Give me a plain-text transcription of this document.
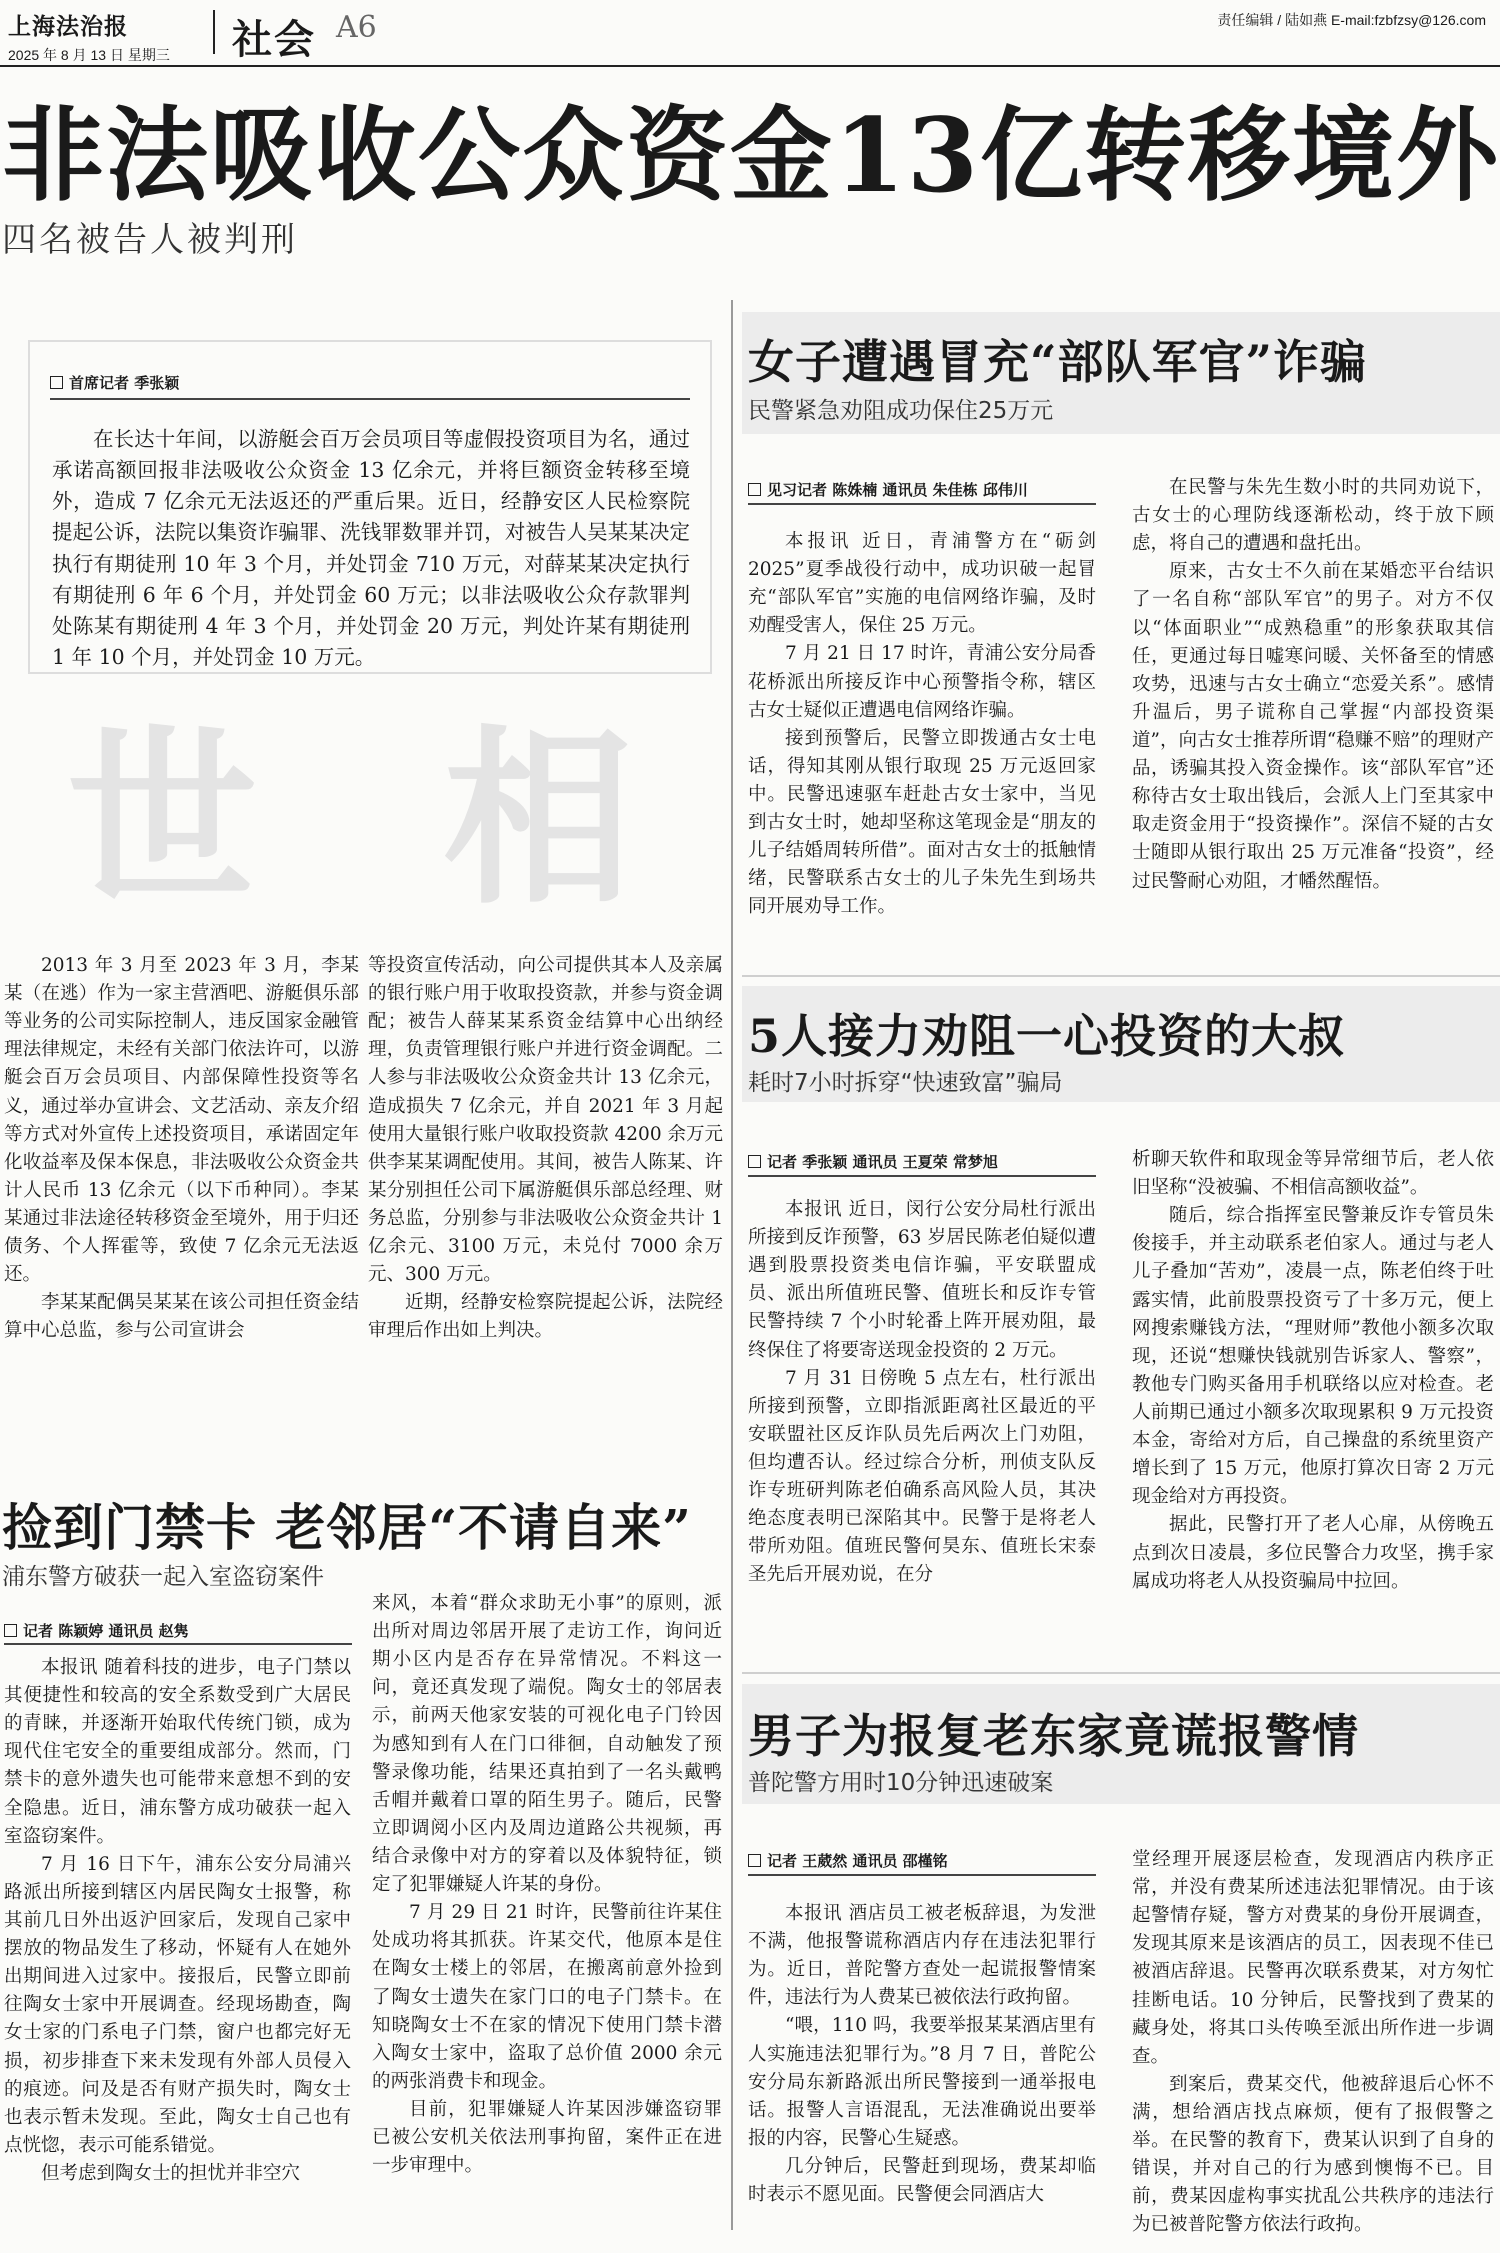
上海法治报
2025 年 8 月 13 日 星期三	社会 A6	责任编辑 / 陆如燕 E-mail:fzbfzsy@126.com
非法吸收公众资金13亿转移境外
四名被告人被判刑
首席记者 季张颖
在长达十年间，以游艇会百万会员项目等虚假投资项目为名，通过承诺高额回报非法吸收公众资金 13 亿余元，并将巨额资金转移至境外，造成 7 亿余元无法返还的严重后果。近日，经静安区人民检察院提起公诉，法院以集资诈骗罪、洗钱罪数罪并罚，对被告人吴某某决定执行有期徒刑 10 年 3 个月，并处罚金 710 万元，对薛某某决定执行有期徒刑 6 年 6 个月，并处罚金 60 万元；以非法吸收公众存款罪判处陈某有期徒刑 4 年 3 个月，并处罚金 20 万元，判处许某有期徒刑 1 年 10 个月，并处罚金 10 万元。
世 相

2013 年 3 月至 2023 年 3 月，李某某（在逃）作为一家主营酒吧、游艇俱乐部等业务的公司实际控制人，违反国家金融管理法律规定，未经有关部门依法许可，以游艇会百万会员项目、内部保障性投资等名义，通过举办宣讲会、文艺活动、亲友介绍等方式对外宣传上述投资项目，承诺固定年化收益率及保本保息，非法吸收公众资金共计人民币 13 亿余元（以下币种同）。李某某通过非法途径转移资金至境外，用于归还债务、个人挥霍等，致使 7 亿余元无法返还。

李某某配偶吴某某在该公司担任资金结算中心总监，参与公司宣讲会

等投资宣传活动，向公司提供其本人及亲属的银行账户用于收取投资款，并参与资金调配；被告人薛某某系资金结算中心出纳经理，负责管理银行账户并进行资金调配。二人参与非法吸收公众资金共计 13 亿余元，造成损失 7 亿余元，并自 2021 年 3 月起使用大量银行账户收取投资款 4200 余万元供李某某调配使用。其间，被告人陈某、许某分别担任公司下属游艇俱乐部总经理、财务总监，分别参与非法吸收公众资金共计 1 亿余元、3100 万元，未兑付 7000 余万元、300 万元。

近期，经静安检察院提起公诉，法院经审理后作出如上判决。

捡到门禁卡 老邻居“不请自来”
浦东警方破获一起入室盗窃案件
记者 陈颖婷 通讯员 赵隽

本报讯 随着科技的进步，电子门禁以其便捷性和较高的安全系数受到广大居民的青睐，并逐渐开始取代传统门锁，成为现代住宅安全的重要组成部分。然而，门禁卡的意外遗失也可能带来意想不到的安全隐患。近日，浦东警方成功破获一起入室盗窃案件。

7 月 16 日下午，浦东公安分局浦兴路派出所接到辖区内居民陶女士报警，称其前几日外出返沪回家后，发现自己家中摆放的物品发生了移动，怀疑有人在她外出期间进入过家中。接报后，民警立即前往陶女士家中开展调查。经现场勘查，陶女士家的门系电子门禁，窗户也都完好无损，初步排查下来未发现有外部人员侵入的痕迹。问及是否有财产损失时，陶女士也表示暂未发现。至此，陶女士自己也有点恍惚，表示可能系错觉。

但考虑到陶女士的担忧并非空穴

来风，本着“群众求助无小事”的原则，派出所对周边邻居开展了走访工作，询问近期小区内是否存在异常情况。不料这一问，竟还真发现了端倪。陶女士的邻居表示，前两天他家安装的可视化电子门铃因为感知到有人在门口徘徊，自动触发了预警录像功能，结果还真拍到了一名头戴鸭舌帽并戴着口罩的陌生男子。随后，民警立即调阅小区内及周边道路公共视频，再结合录像中对方的穿着以及体貌特征，锁定了犯罪嫌疑人许某的身份。

7 月 29 日 21 时许，民警前往许某住处成功将其抓获。许某交代，他原本是住在陶女士楼上的邻居，在搬离前意外捡到了陶女士遗失在家门口的电子门禁卡。在知晓陶女士不在家的情况下使用门禁卡潜入陶女士家中，盗取了总价值 2000 余元的两张消费卡和现金。

目前，犯罪嫌疑人许某因涉嫌盗窃罪已被公安机关依法刑事拘留，案件正在进一步审理中。

女子遭遇冒充“部队军官”诈骗
民警紧急劝阻成功保住25万元
见习记者 陈姝楠 通讯员 朱佳栋 邱伟川

本报讯 近日，青浦警方在“砺剑2025”夏季战役行动中，成功识破一起冒充“部队军官”实施的电信网络诈骗，及时劝醒受害人，保住 25 万元。

7 月 21 日 17 时许，青浦公安分局香花桥派出所接反诈中心预警指令称，辖区古女士疑似正遭遇电信网络诈骗。

接到预警后，民警立即拨通古女士电话，得知其刚从银行取现 25 万元返回家中。民警迅速驱车赶赴古女士家中，当见到古女士时，她却坚称这笔现金是“朋友的儿子结婚周转所借”。面对古女士的抵触情绪，民警联系古女士的儿子朱先生到场共同开展劝导工作。

在民警与朱先生数小时的共同劝说下，古女士的心理防线逐渐松动，终于放下顾虑，将自己的遭遇和盘托出。

原来，古女士不久前在某婚恋平台结识了一名自称“部队军官”的男子。对方不仅以“体面职业”“成熟稳重”的形象获取其信任，更通过每日嘘寒问暖、关怀备至的情感攻势，迅速与古女士确立“恋爱关系”。感情升温后，男子谎称自己掌握“内部投资渠道”，向古女士推荐所谓“稳赚不赔”的理财产品，诱骗其投入资金操作。该“部队军官”还称待古女士取出钱后，会派人上门至其家中取走资金用于“投资操作”。深信不疑的古女士随即从银行取出 25 万元准备“投资”，经过民警耐心劝阻，才幡然醒悟。

5人接力劝阻一心投资的大叔
耗时7小时拆穿“快速致富”骗局
记者 季张颖 通讯员 王夏荣 常梦旭

本报讯 近日，闵行公安分局杜行派出所接到反诈预警，63 岁居民陈老伯疑似遭遇到股票投资类电信诈骗，平安联盟成员、派出所值班民警、值班长和反诈专管民警持续 7 个小时轮番上阵开展劝阻，最终保住了将要寄送现金投资的 2 万元。

7 月 31 日傍晚 5 点左右，杜行派出所接到预警，立即指派距离社区最近的平安联盟社区反诈队员先后两次上门劝阻，但均遭否认。经过综合分析，刑侦支队反诈专班研判陈老伯确系高风险人员，其决绝态度表明已深陷其中。民警于是将老人带所劝阻。值班民警何昊东、值班长宋泰圣先后开展劝说，在分

析聊天软件和取现金等异常细节后，老人依旧坚称“没被骗、不相信高额收益”。

随后，综合指挥室民警兼反诈专管员朱俊接手，并主动联系老伯家人。通过与老人儿子叠加“苦劝”，凌晨一点，陈老伯终于吐露实情，此前股票投资亏了十多万元，便上网搜索赚钱方法，“理财师”教他小额多次取现，还说“想赚快钱就别告诉家人、警察”，教他专门购买备用手机联络以应对检查。老人前期已通过小额多次取现累积 9 万元投资本金，寄给对方后，自己操盘的系统里资产增长到了 15 万元，他原打算次日寄 2 万元现金给对方再投资。

据此，民警打开了老人心扉，从傍晚五点到次日凌晨，多位民警合力攻坚，携手家属成功将老人从投资骗局中拉回。

男子为报复老东家竟谎报警情
普陀警方用时10分钟迅速破案
记者 王葳然 通讯员 邵槿铭

本报讯 酒店员工被老板辞退，为发泄不满，他报警谎称酒店内存在违法犯罪行为。近日，普陀警方查处一起谎报警情案件，违法行为人费某已被依法行政拘留。

“喂，110 吗，我要举报某某酒店里有人实施违法犯罪行为。”8 月 7 日，普陀公安分局东新路派出所民警接到一通举报电话。报警人言语混乱，无法准确说出要举报的内容，民警心生疑惑。

几分钟后，民警赶到现场，费某却临时表示不愿见面。民警便会同酒店大

堂经理开展逐层检查，发现酒店内秩序正常，并没有费某所述违法犯罪情况。由于该起警情存疑，警方对费某的身份开展调查，发现其原来是该酒店的员工，因表现不佳已被酒店辞退。民警再次联系费某，对方匆忙挂断电话。10 分钟后，民警找到了费某的藏身处，将其口头传唤至派出所作进一步调查。

到案后，费某交代，他被辞退后心怀不满，想给酒店找点麻烦，便有了报假警之举。在民警的教育下，费某认识到了自身的错误，并对自己的行为感到懊悔不已。目前，费某因虚构事实扰乱公共秩序的违法行为已被普陀警方依法行政拘。
